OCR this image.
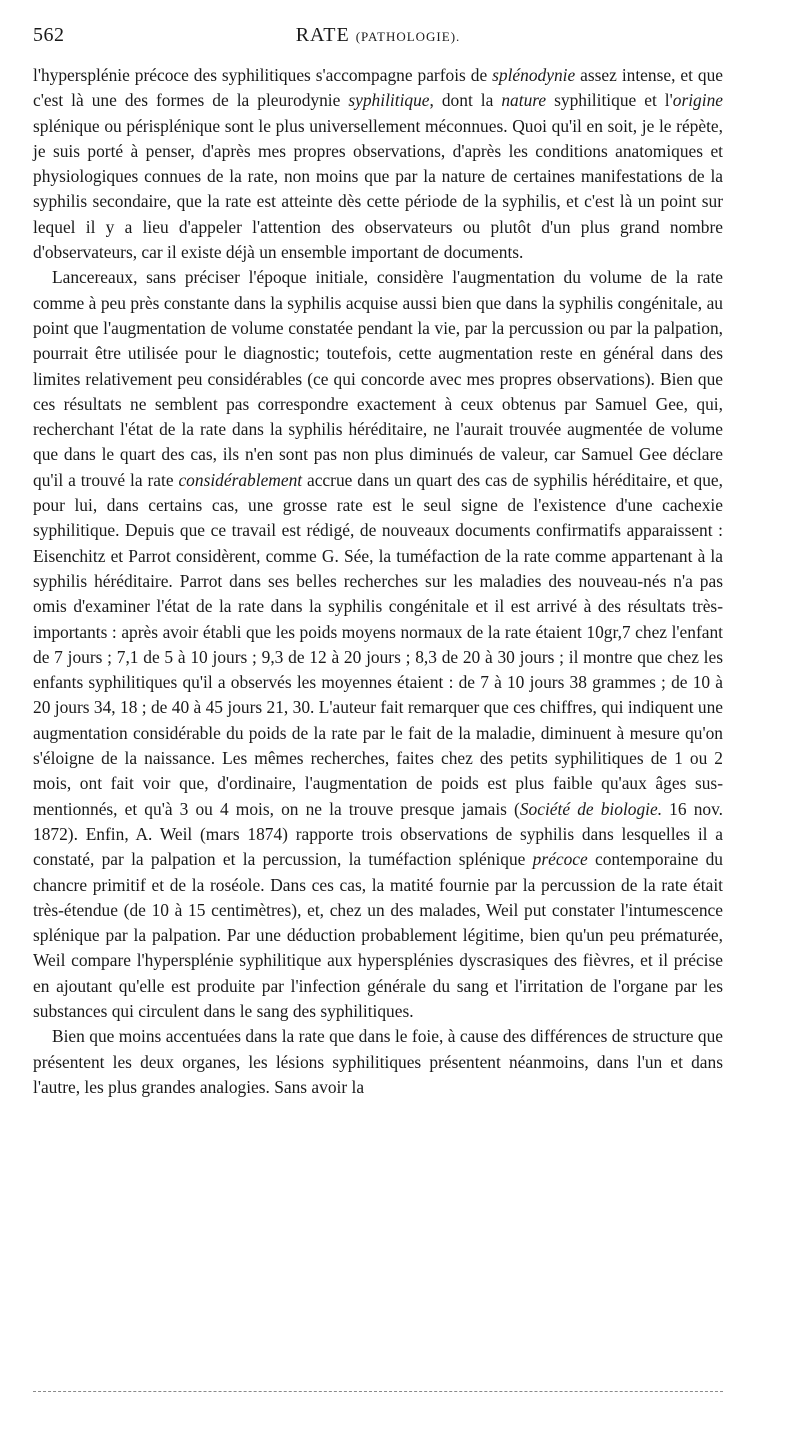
562	RATE (PATHOLOGIE).

l'hypersplénie précoce des syphilitiques s'accompagne parfois de splénodynie assez intense, et que c'est là une des formes de la pleurodynie syphilitique, dont la nature syphilitique et l'origine splénique ou périsplénique sont le plus universellement méconnues. Quoi qu'il en soit, je le répète, je suis porté à penser, d'après mes propres observations, d'après les conditions anatomiques et physiologiques connues de la rate, non moins que par la nature de certaines manifestations de la syphilis secondaire, que la rate est atteinte dès cette période de la syphilis, et c'est là un point sur lequel il y a lieu d'appeler l'attention des observateurs ou plutôt d'un plus grand nombre d'observateurs, car il existe déjà un ensemble important de documents.

Lancereaux, sans préciser l'époque initiale, considère l'augmentation du volume de la rate comme à peu près constante dans la syphilis acquise aussi bien que dans la syphilis congénitale, au point que l'augmentation de volume constatée pendant la vie, par la percussion ou par la palpation, pourrait être utilisée pour le diagnostic; toutefois, cette augmentation reste en général dans des limites relativement peu considérables (ce qui concorde avec mes propres observations). Bien que ces résultats ne semblent pas correspondre exactement à ceux obtenus par Samuel Gee, qui, recherchant l'état de la rate dans la syphilis héréditaire, ne l'aurait trouvée augmentée de volume que dans le quart des cas, ils n'en sont pas non plus diminués de valeur, car Samuel Gee déclare qu'il a trouvé la rate considérablement accrue dans un quart des cas de syphilis héréditaire, et que, pour lui, dans certains cas, une grosse rate est le seul signe de l'existence d'une cachexie syphilitique. Depuis que ce travail est rédigé, de nouveaux documents confirmatifs apparaissent : Eisenchitz et Parrot considèrent, comme G. Sée, la tuméfaction de la rate comme appartenant à la syphilis héréditaire. Parrot dans ses belles recherches sur les maladies des nouveau-nés n'a pas omis d'examiner l'état de la rate dans la syphilis congénitale et il est arrivé à des résultats très-importants : après avoir établi que les poids moyens normaux de la rate étaient 10gr,7 chez l'enfant de 7 jours ; 7,1 de 5 à 10 jours ; 9,3 de 12 à 20 jours ; 8,3 de 20 à 30 jours ; il montre que chez les enfants syphilitiques qu'il a observés les moyennes étaient : de 7 à 10 jours 38 grammes ; de 10 à 20 jours 34, 18 ; de 40 à 45 jours 21, 30. L'auteur fait remarquer que ces chiffres, qui indiquent une augmentation considérable du poids de la rate par le fait de la maladie, diminuent à mesure qu'on s'éloigne de la naissance. Les mêmes recherches, faites chez des petits syphilitiques de 1 ou 2 mois, ont fait voir que, d'ordinaire, l'augmentation de poids est plus faible qu'aux âges sus-mentionnés, et qu'à 3 ou 4 mois, on ne la trouve presque jamais (Société de biologie. 16 nov. 1872). Enfin, A. Weil (mars 1874) rapporte trois observations de syphilis dans lesquelles il a constaté, par la palpation et la percussion, la tuméfaction splénique précoce contemporaine du chancre primitif et de la roséole. Dans ces cas, la matité fournie par la percussion de la rate était très-étendue (de 10 à 15 centimètres), et, chez un des malades, Weil put constater l'intumescence splénique par la palpation. Par une déduction probablement légitime, bien qu'un peu prématurée, Weil compare l'hypersplénie syphilitique aux hypersplénies dyscrasiques des fièvres, et il précise en ajoutant qu'elle est produite par l'infection générale du sang et l'irritation de l'organe par les substances qui circulent dans le sang des syphilitiques.

Bien que moins accentuées dans la rate que dans le foie, à cause des différences de structure que présentent les deux organes, les lésions syphilitiques présentent néanmoins, dans l'un et dans l'autre, les plus grandes analogies. Sans avoir la
